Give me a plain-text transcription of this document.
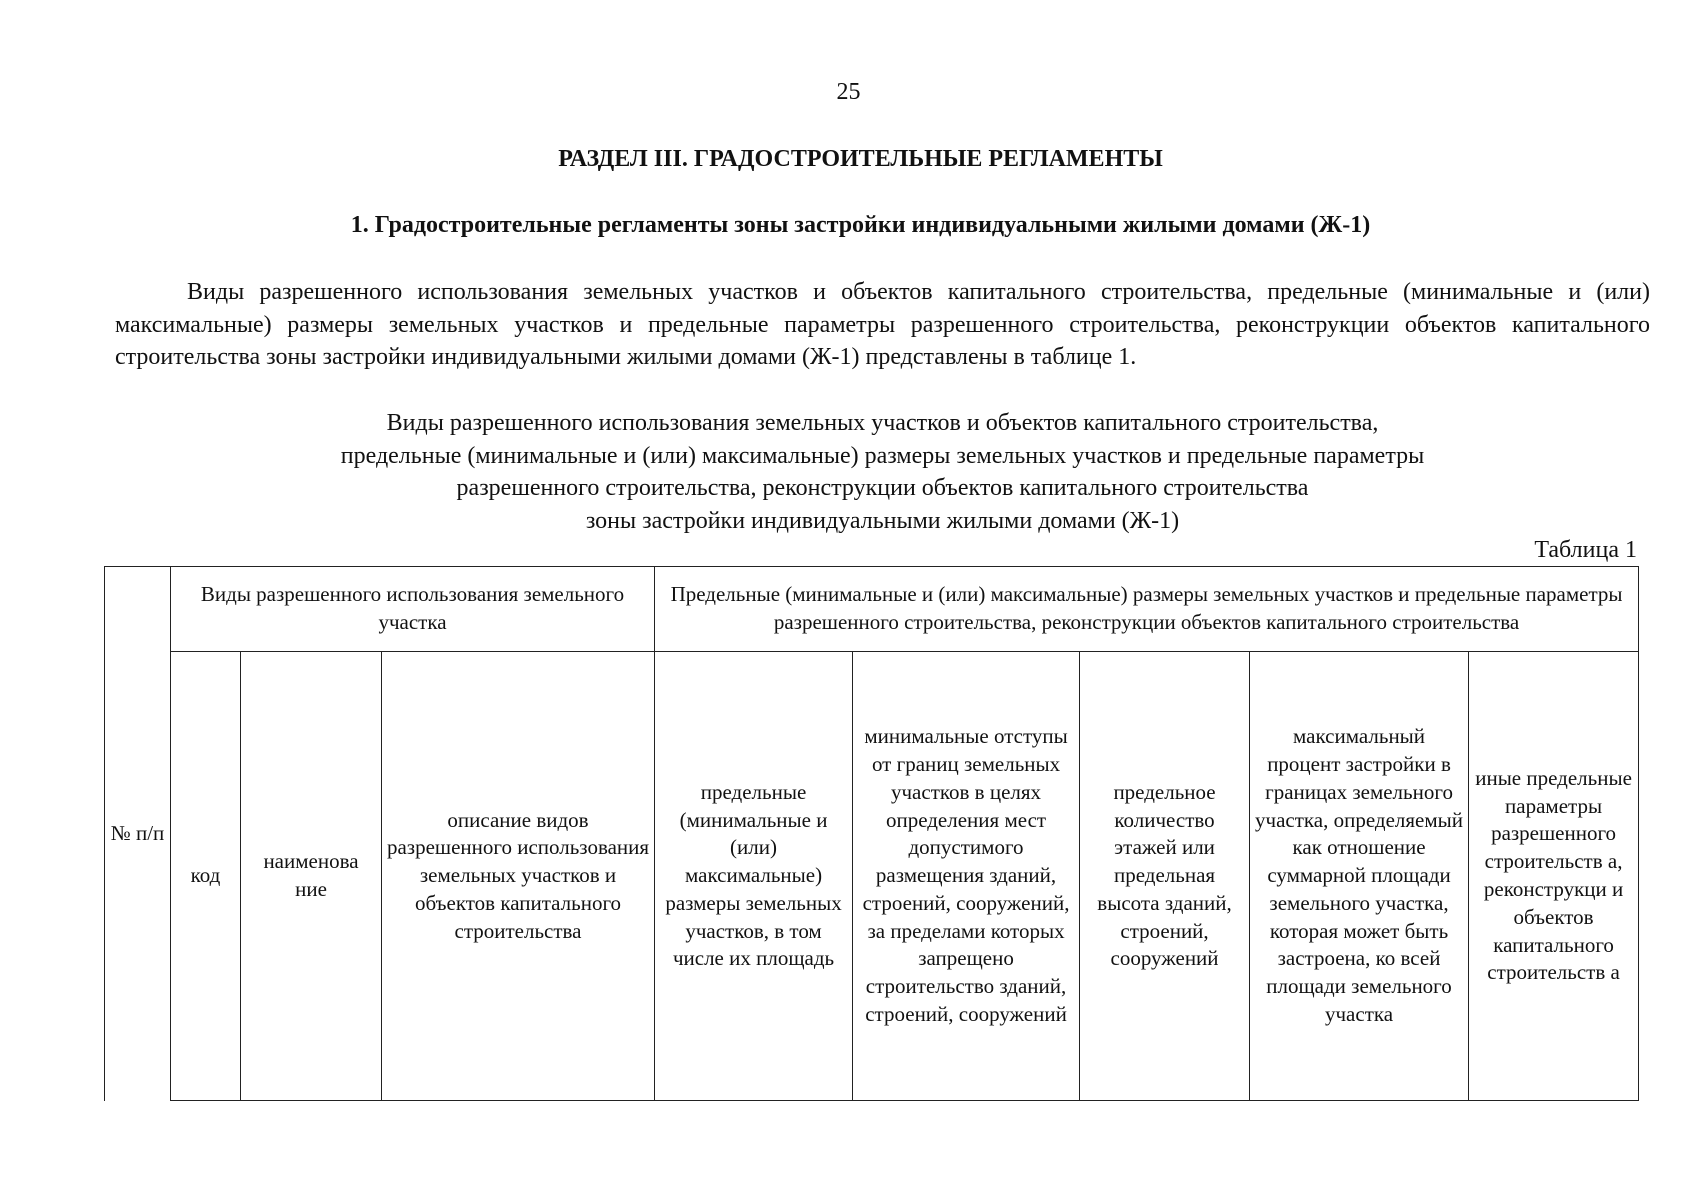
25
РАЗДЕЛ III. ГРАДОСТРОИТЕЛЬНЫЕ РЕГЛАМЕНТЫ
1. Градостроительные регламенты зоны застройки индивидуальными жилыми домами (Ж-1)

Виды разрешенного использования земельных участков и объектов капитального строительства, предельные (минимальные и (или) максимальные) размеры земельных участков и предельные параметры разрешенного строительства, реконструкции объектов капитального строительства зоны застройки индивидуальными жилыми домами (Ж-1) представлены в таблице 1.

Виды разрешенного использования земельных участков и объектов капитального строительства,
предельные (минимальные и (или) максимальные) размеры земельных участков и предельные параметры
разрешенного строительства, реконструкции объектов капитального строительства
зоны застройки индивидуальными жилыми домами (Ж-1)
Таблица 1
№ п/п	Виды разрешенного использования земельного участка			Предельные (минимальные и (или) максимальные) размеры земельных участков и предельные параметры разрешенного строительства, реконструкции объектов капитального строительства				
	код	наименова ние	описание видов разрешенного использования земельных участков и объектов капитального строительства	предельные (минимальные и (или) максимальные) размеры земельных участков, в том числе их площадь	минимальные отступы от границ земельных участков в целях определения мест допустимого размещения зданий, строений, сооружений, за пределами которых запрещено строительство зданий, строений, сооружений	предельное количество этажей или предельная высота зданий, строений, сооружений	максимальный процент застройки в границах земельного участка, определяемый как отношение суммарной площади земельного участка, которая может быть застроена, ко всей площади земельного участка	иные предельные параметры разрешенного строительств а, реконструкци и объектов капитального строительств а
